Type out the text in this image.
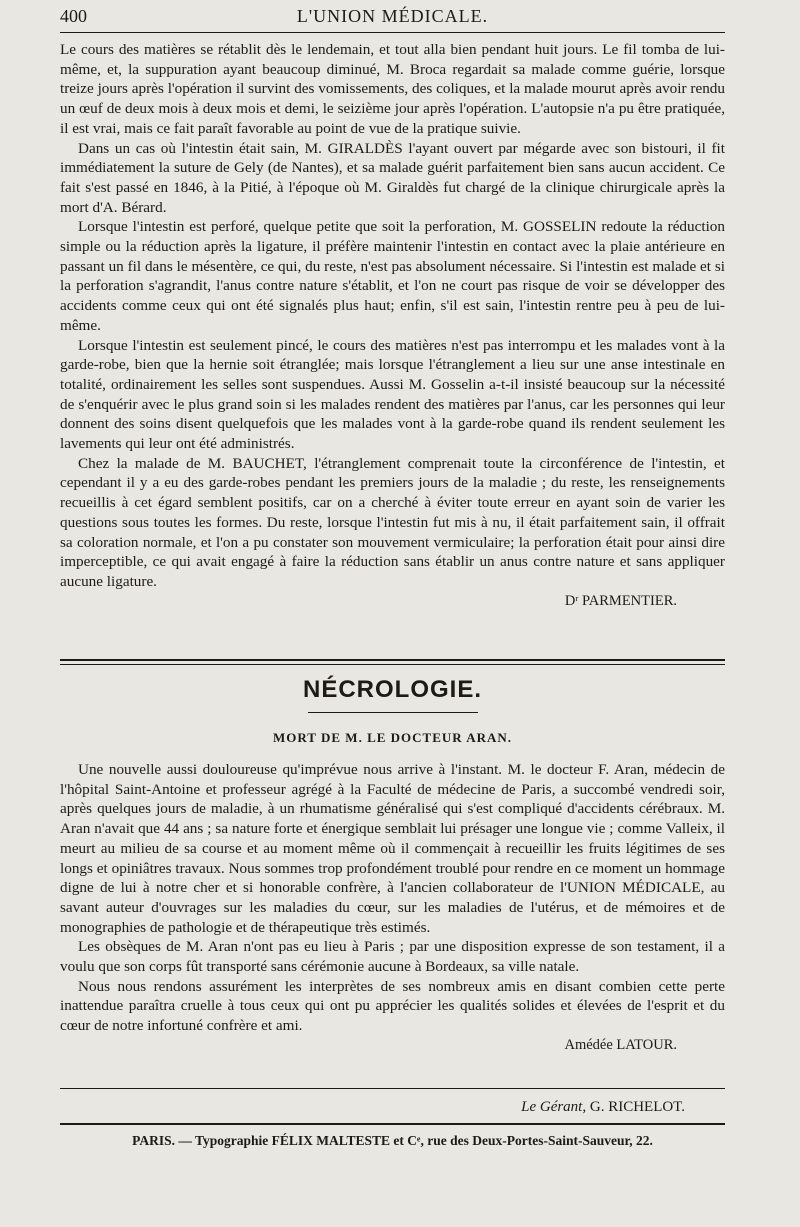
400	L'UNION MÉDICALE.

Le cours des matières se rétablit dès le lendemain, et tout alla bien pendant huit jours. Le fil tomba de lui-même, et, la suppuration ayant beaucoup diminué, M. Broca regardait sa malade comme guérie, lorsque treize jours après l'opération il survint des vomissements, des coliques, et la malade mourut après avoir rendu un œuf de deux mois à deux mois et demi, le seizième jour après l'opération. L'autopsie n'a pu être pratiquée, il est vrai, mais ce fait paraît favorable au point de vue de la pratique suivie.

Dans un cas où l'intestin était sain, M. GIRALDÈS l'ayant ouvert par mégarde avec son bistouri, il fit immédiatement la suture de Gely (de Nantes), et sa malade guérit parfaitement bien sans aucun accident. Ce fait s'est passé en 1846, à la Pitié, à l'époque où M. Giraldès fut chargé de la clinique chirurgicale après la mort d'A. Bérard.

Lorsque l'intestin est perforé, quelque petite que soit la perforation, M. GOSSELIN redoute la réduction simple ou la réduction après la ligature, il préfère maintenir l'intestin en contact avec la plaie antérieure en passant un fil dans le mésentère, ce qui, du reste, n'est pas absolument nécessaire. Si l'intestin est malade et si la perforation s'agrandit, l'anus contre nature s'établit, et l'on ne court pas risque de voir se développer des accidents comme ceux qui ont été signalés plus haut; enfin, s'il est sain, l'intestin rentre peu à peu de lui-même.

Lorsque l'intestin est seulement pincé, le cours des matières n'est pas interrompu et les malades vont à la garde-robe, bien que la hernie soit étranglée; mais lorsque l'étranglement a lieu sur une anse intestinale en totalité, ordinairement les selles sont suspendues. Aussi M. Gosselin a-t-il insisté beaucoup sur la nécessité de s'enquérir avec le plus grand soin si les malades rendent des matières par l'anus, car les personnes qui leur donnent des soins disent quelquefois que les malades vont à la garde-robe quand ils rendent seulement les lavements qui leur ont été administrés.

Chez la malade de M. BAUCHET, l'étranglement comprenait toute la circonférence de l'intestin, et cependant il y a eu des garde-robes pendant les premiers jours de la maladie ; du reste, les renseignements recueillis à cet égard semblent positifs, car on a cherché à éviter toute erreur en ayant soin de varier les questions sous toutes les formes. Du reste, lorsque l'intestin fut mis à nu, il était parfaitement sain, il offrait sa coloration normale, et l'on a pu constater son mouvement vermiculaire; la perforation était pour ainsi dire imperceptible, ce qui avait engagé à faire la réduction sans établir un anus contre nature et sans appliquer aucune ligature.

Dʳ PARMENTIER.

NÉCROLOGIE.
MORT DE M. LE DOCTEUR ARAN.

Une nouvelle aussi douloureuse qu'imprévue nous arrive à l'instant. M. le docteur F. Aran, médecin de l'hôpital Saint-Antoine et professeur agrégé à la Faculté de médecine de Paris, a succombé vendredi soir, après quelques jours de maladie, à un rhumatisme généralisé qui s'est compliqué d'accidents cérébraux. M. Aran n'avait que 44 ans ; sa nature forte et énergique semblait lui présager une longue vie ; comme Valleix, il meurt au milieu de sa course et au moment même où il commençait à recueillir les fruits légitimes de ses longs et opiniâtres travaux. Nous sommes trop profondément troublé pour rendre en ce moment un hommage digne de lui à notre cher et si honorable confrère, à l'ancien collaborateur de l'UNION MÉDICALE, au savant auteur d'ouvrages sur les maladies du cœur, sur les maladies de l'utérus, et de mémoires et de monographies de pathologie et de thérapeutique très estimés.

Les obsèques de M. Aran n'ont pas eu lieu à Paris ; par une disposition expresse de son testament, il a voulu que son corps fût transporté sans cérémonie aucune à Bordeaux, sa ville natale.

Nous nous rendons assurément les interprètes de ses nombreux amis en disant combien cette perte inattendue paraîtra cruelle à tous ceux qui ont pu apprécier les qualités solides et élevées de l'esprit et du cœur de notre infortuné confrère et ami.

Amédée LATOUR.

Le Gérant, G. RICHELOT.
PARIS. — Typographie FÉLIX MALTESTE et Cᵉ, rue des Deux-Portes-Saint-Sauveur, 22.
